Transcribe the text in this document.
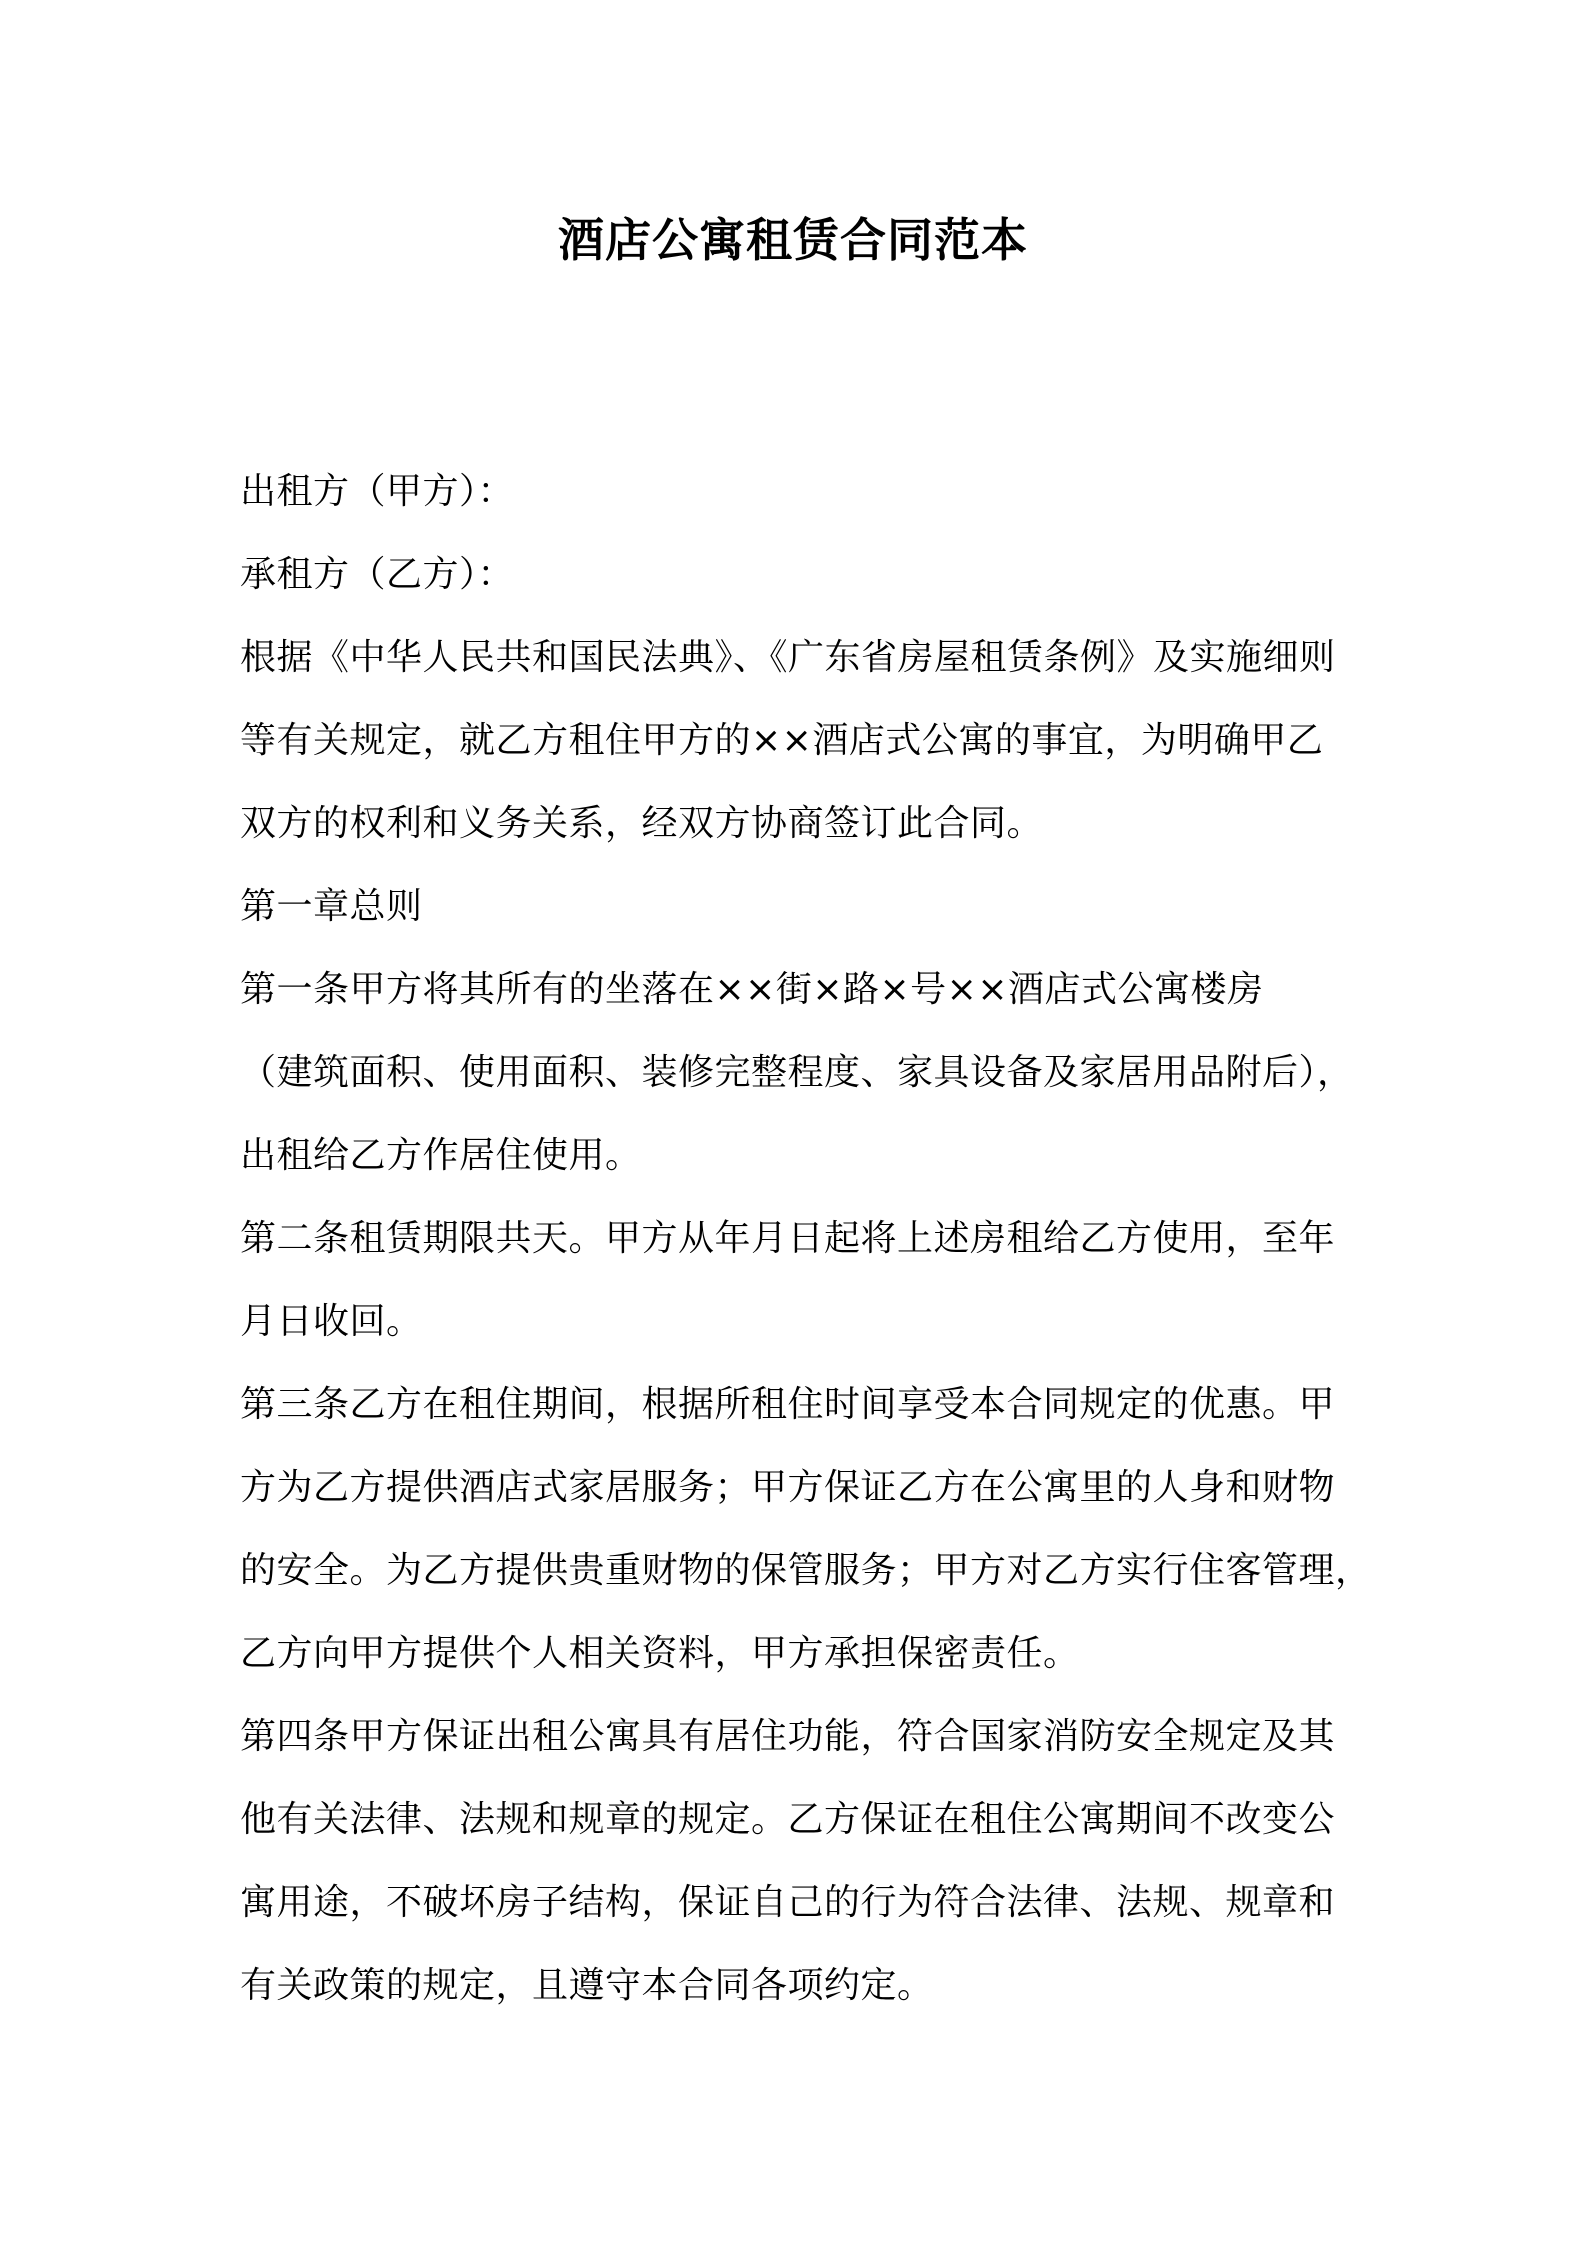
酒店公寓租赁合同范本
出租方（甲方）：
承租方（乙方）：
根据《中华人民共和国民法典》、《广东省房屋租赁条例》及实施细则
等有关规定，就乙方租住甲方的××酒店式公寓的事宜，为明确甲乙
双方的权利和义务关系，经双方协商签订此合同。
第一章总则
第一条甲方将其所有的坐落在××街×路×号××酒店式公寓楼房
（建筑面积、使用面积、装修完整程度、家具设备及家居用品附后），
出租给乙方作居住使用。
第二条租赁期限共天。甲方从年月日起将上述房租给乙方使用，至年
月日收回。
第三条乙方在租住期间，根据所租住时间享受本合同规定的优惠。甲
方为乙方提供酒店式家居服务；甲方保证乙方在公寓里的人身和财物
的安全。为乙方提供贵重财物的保管服务；甲方对乙方实行住客管理，
乙方向甲方提供个人相关资料，甲方承担保密责任。
第四条甲方保证出租公寓具有居住功能，符合国家消防安全规定及其
他有关法律、法规和规章的规定。乙方保证在租住公寓期间不改变公
寓用途，不破坏房子结构，保证自己的行为符合法律、法规、规章和
有关政策的规定，且遵守本合同各项约定。
